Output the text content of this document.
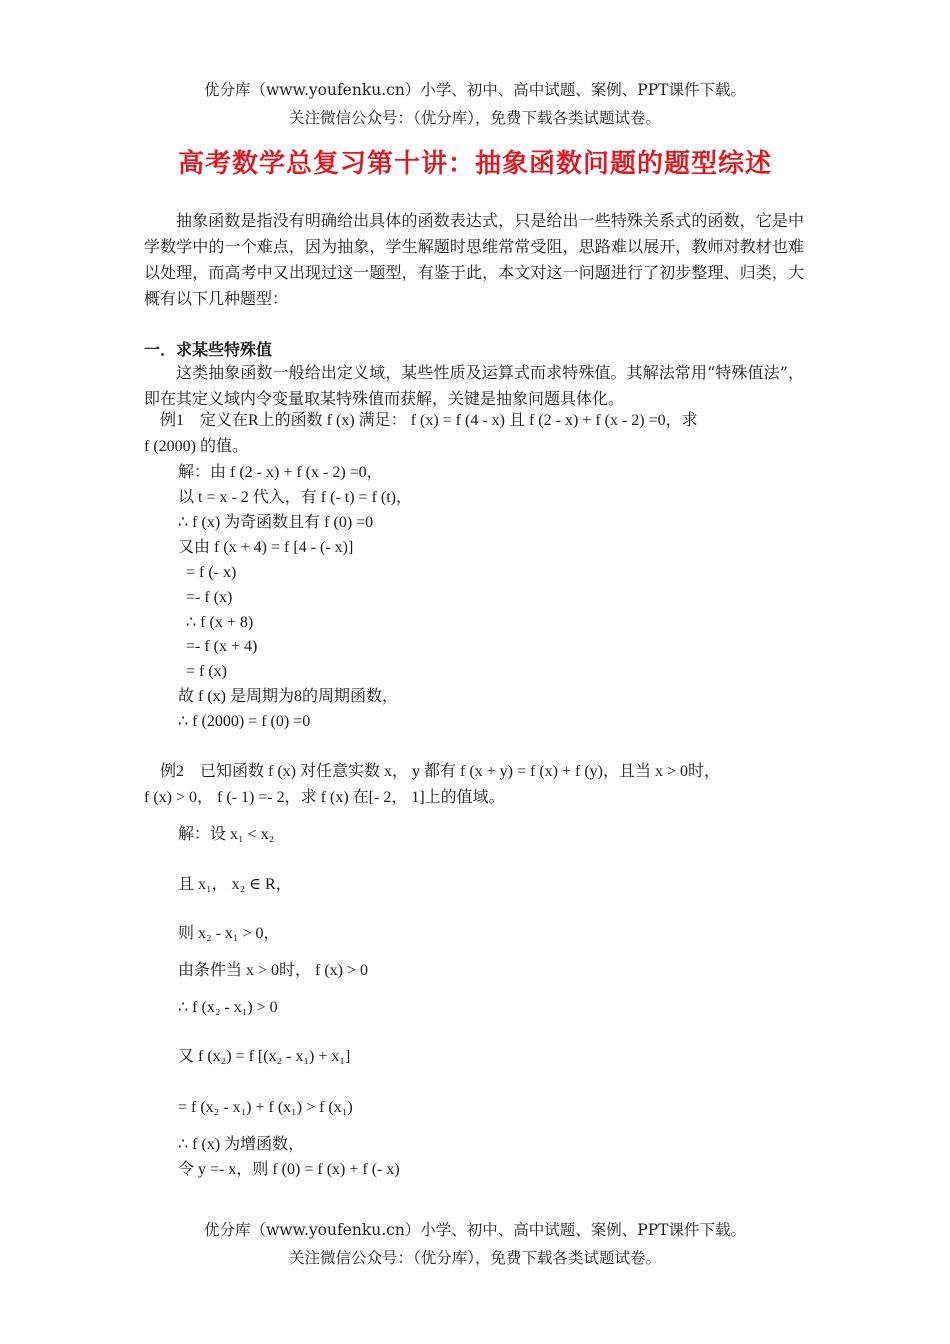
优分库（www.youfenku.cn）小学、初中、高中试题、案例、PPT课件下载。
关注微信公众号：（优分库），免费下载各类试题试卷。
高考数学总复习第十讲：抽象函数问题的题型综述
抽象函数是指没有明确给出具体的函数表达式，只是给出一些特殊关系式的函数，它是中学数学中的一个难点，因为抽象，学生解题时思维常常受阻，思路难以展开，教师对教材也难以处理，而高考中又出现过这一题型，有鉴于此，本文对这一问题进行了初步整理、归类，大概有以下几种题型：
一．求某些特殊值
这类抽象函数一般给出定义域，某些性质及运算式而求特殊值。其解法常用“特殊值法”，即在其定义域内令变量取某特殊值而获解，关键是抽象问题具体化。
例1　定义在R上的函数 f (x) 满足： f (x) = f (4 - x) 且 f (2 - x) + f (x - 2) =0，求
f (2000) 的值。
解：由 f (2 - x) + f (x - 2) =0，
以 t = x - 2 代入，有 f (- t) = f (t)，
∴ f (x) 为奇函数且有 f (0) =0
又由 f (x + 4) = f [4 - (- x)]
= f (- x)
=- f (x)
∴ f (x + 8)
=- f (x + 4)
= f (x)
故 f (x) 是周期为8的周期函数，
∴ f (2000) = f (0) =0
例2　已知函数 f (x) 对任意实数 x， y 都有 f (x + y) = f (x) + f (y)，且当 x > 0时，
f (x) > 0， f (- 1) =- 2，求 f (x) 在[- 2， 1]上的值域。
解：设 x₁ < x₂
且 x₁， x₂ ∈ R，
则 x₂ - x₁ > 0，
由条件当 x > 0时， f (x) > 0
∴ f (x₂ - x₁) > 0
又 f (x₂) = f [(x₂ - x₁) + x₁]
= f (x₂ - x₁) + f (x₁) > f (x₁)
∴ f (x) 为增函数，
令 y =- x，则 f (0) = f (x) + f (- x)
优分库（www.youfenku.cn）小学、初中、高中试题、案例、PPT课件下载。
关注微信公众号：（优分库），免费下载各类试题试卷。
